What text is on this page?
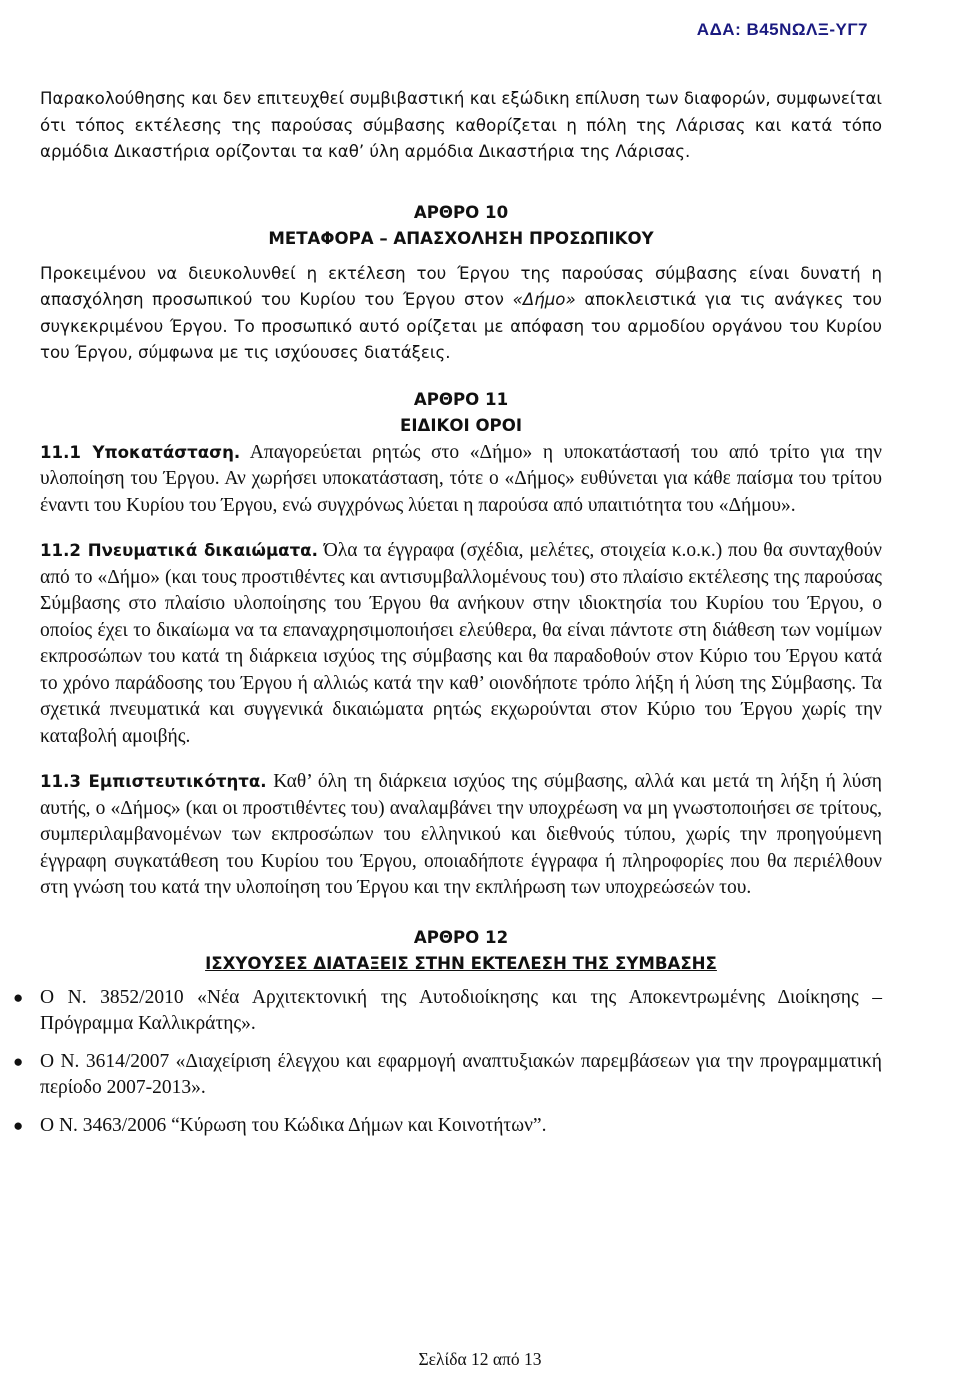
ΑΔΑ: Β45ΝΩΛΞ-ΥΓ7

Παρακολούθησης και δεν επιτευχθεί συμβιβαστική και εξώδικη επίλυση των διαφορών, συμφωνείται ότι τόπος εκτέλεσης της παρούσας σύμβασης καθορίζεται η πόλη της Λάρισας και κατά τόπο αρμόδια Δικαστήρια ορίζονται τα καθ’ ύλη αρμόδια Δικαστήρια της Λάρισας.

ΑΡΘΡΟ 10

ΜΕΤΑΦΟΡΑ – ΑΠΑΣΧΟΛΗΣΗ ΠΡΟΣΩΠΙΚΟΥ

Προκειμένου να διευκολυνθεί η εκτέλεση του Έργου της παρούσας σύμβασης είναι δυνατή η απασχόληση προσωπικού του Κυρίου του Έργου στον «Δήμο» αποκλειστικά για τις ανάγκες του συγκεκριμένου Έργου. Το προσωπικό αυτό ορίζεται με απόφαση του αρμοδίου οργάνου του Κυρίου του Έργου, σύμφωνα με τις ισχύουσες διατάξεις.

ΑΡΘΡΟ 11

ΕΙΔΙΚΟΙ ΟΡΟΙ

11.1 Υποκατάσταση. Απαγορεύεται ρητώς στο «Δήμο» η υποκατάστασή του από τρίτο για την υλοποίηση του Έργου. Αν χωρήσει υποκατάσταση, τότε ο «Δήμος» ευθύνεται για κάθε παίσμα του τρίτου έναντι του Κυρίου του Έργου, ενώ συγχρόνως λύεται η παρούσα από υπαιτιότητα του «Δήμου».

11.2 Πνευματικά δικαιώματα. Όλα τα έγγραφα (σχέδια, μελέτες, στοιχεία κ.ο.κ.) που θα συνταχθούν από το «Δήμο» (και τους προστιθέντες και αντισυμβαλλομένους του) στο πλαίσιο εκτέλεσης της παρούσας Σύμβασης στο πλαίσιο υλοποίησης του Έργου θα ανήκουν στην ιδιοκτησία του Κυρίου του Έργου, ο οποίος έχει το δικαίωμα να τα επαναχρησιμοποιήσει ελεύθερα, θα είναι πάντοτε στη διάθεση των νομίμων εκπροσώπων του κατά τη διάρκεια ισχύος της σύμβασης και θα παραδοθούν στον Κύριο του Έργου κατά το χρόνο παράδοσης του Έργου ή αλλιώς κατά την καθ’ οιονδήποτε τρόπο λήξη ή λύση της Σύμβασης. Τα σχετικά πνευματικά και συγγενικά δικαιώματα ρητώς εκχωρούνται στον Κύριο του Έργου χωρίς την καταβολή αμοιβής.

11.3 Εμπιστευτικότητα. Καθ’ όλη τη διάρκεια ισχύος της σύμβασης, αλλά και μετά τη λήξη ή λύση αυτής, ο «Δήμος» (και οι προστιθέντες του) αναλαμβάνει την υποχρέωση να μη γνωστοποιήσει σε τρίτους, συμπεριλαμβανομένων των εκπροσώπων του ελληνικού και διεθνούς τύπου, χωρίς την προηγούμενη έγγραφη συγκατάθεση του Κυρίου του Έργου, οποιαδήποτε έγγραφα ή πληροφορίες που θα περιέλθουν στη γνώση του κατά την υλοποίηση του Έργου και την εκπλήρωση των υποχρεώσεών του.

ΑΡΘΡΟ 12

ΙΣΧΥΟΥΣΕΣ ΔΙΑΤΑΞΕΙΣ ΣΤΗΝ ΕΚΤΕΛΕΣΗ ΤΗΣ ΣΥΜΒΑΣΗΣ

● Ο Ν. 3852/2010 «Νέα Αρχιτεκτονική της Αυτοδιοίκησης και της Αποκεντρωμένης Διοίκησης – Πρόγραμμα Καλλικράτης».
● Ο Ν. 3614/2007 «Διαχείριση έλεγχου και εφαρμογή αναπτυξιακών παρεμβάσεων για την προγραμματική περίοδο 2007-2013».
● Ο Ν. 3463/2006 “Κύρωση του Κώδικα Δήμων και Κοινοτήτων”.
Σελίδα 12 από 13
